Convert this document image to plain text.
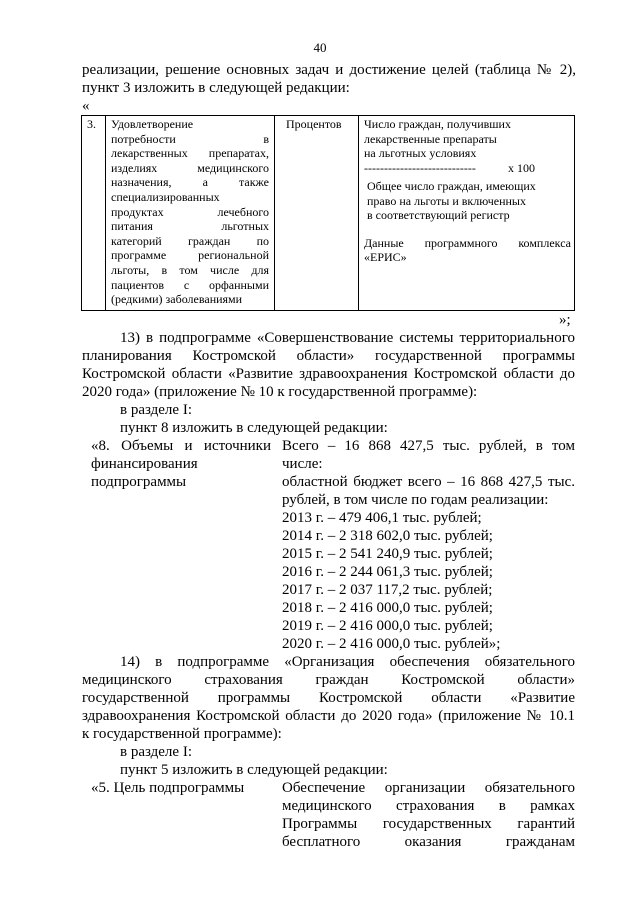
40
реализации, решение основных задач и достижение целей (таблица № 2),
пункт 3 изложить в следующей редакции:
«
3. Удовлетворение
потребности в
лекарственных препаратах,
изделиях медицинского
назначения, а также
специализированных
продуктах лечебного
питания льготных
категорий граждан по
программе региональной
льготы, в том числе для
пациентов с орфанными
(редкими) заболеваниями
Процентов Число граждан, получивших
лекарственные препараты
на льготных условиях
----------------------------	x 100
Общее число граждан, имеющих
право на льготы и включенных
в соответствующий регистр
Данные программного комплекса
«ЕРИС»
»;
13) в подпрограмме «Совершенствование системы территориального
планирования Костромской области» государственной программы
Костромской области «Развитие здравоохранения Костромской области до
2020 года» (приложение № 10 к государственной программе):
в разделе I:
пункт 8 изложить в следующей редакции:
«8. Объемы и источники
финансирования
подпрограммы
Всего – 16 868 427,5 тыс. рублей, в том
числе:
областной бюджет всего – 16 868 427,5 тыс.
рублей, в том числе по годам реализации:
2013 г. – 479 406,1 тыс. рублей;
2014 г. – 2 318 602,0 тыс. рублей;
2015 г. – 2 541 240,9 тыс. рублей;
2016 г. – 2 244 061,3 тыс. рублей;
2017 г. – 2 037 117,2 тыс. рублей;
2018 г. – 2 416 000,0 тыс. рублей;
2019 г. – 2 416 000,0 тыс. рублей;
2020 г. – 2 416 000,0 тыс. рублей»;
14) в подпрограмме «Организация обеспечения обязательного
медицинского страхования граждан Костромской области»
государственной программы Костромской области «Развитие
здравоохранения Костромской области до 2020 года» (приложение № 10.1
к государственной программе):
в разделе I:
пункт 5 изложить в следующей редакции:
«5. Цель подпрограммы	Обеспечение организации обязательного
медицинского страхования в рамках
Программы государственных гарантий
бесплатного оказания гражданам
